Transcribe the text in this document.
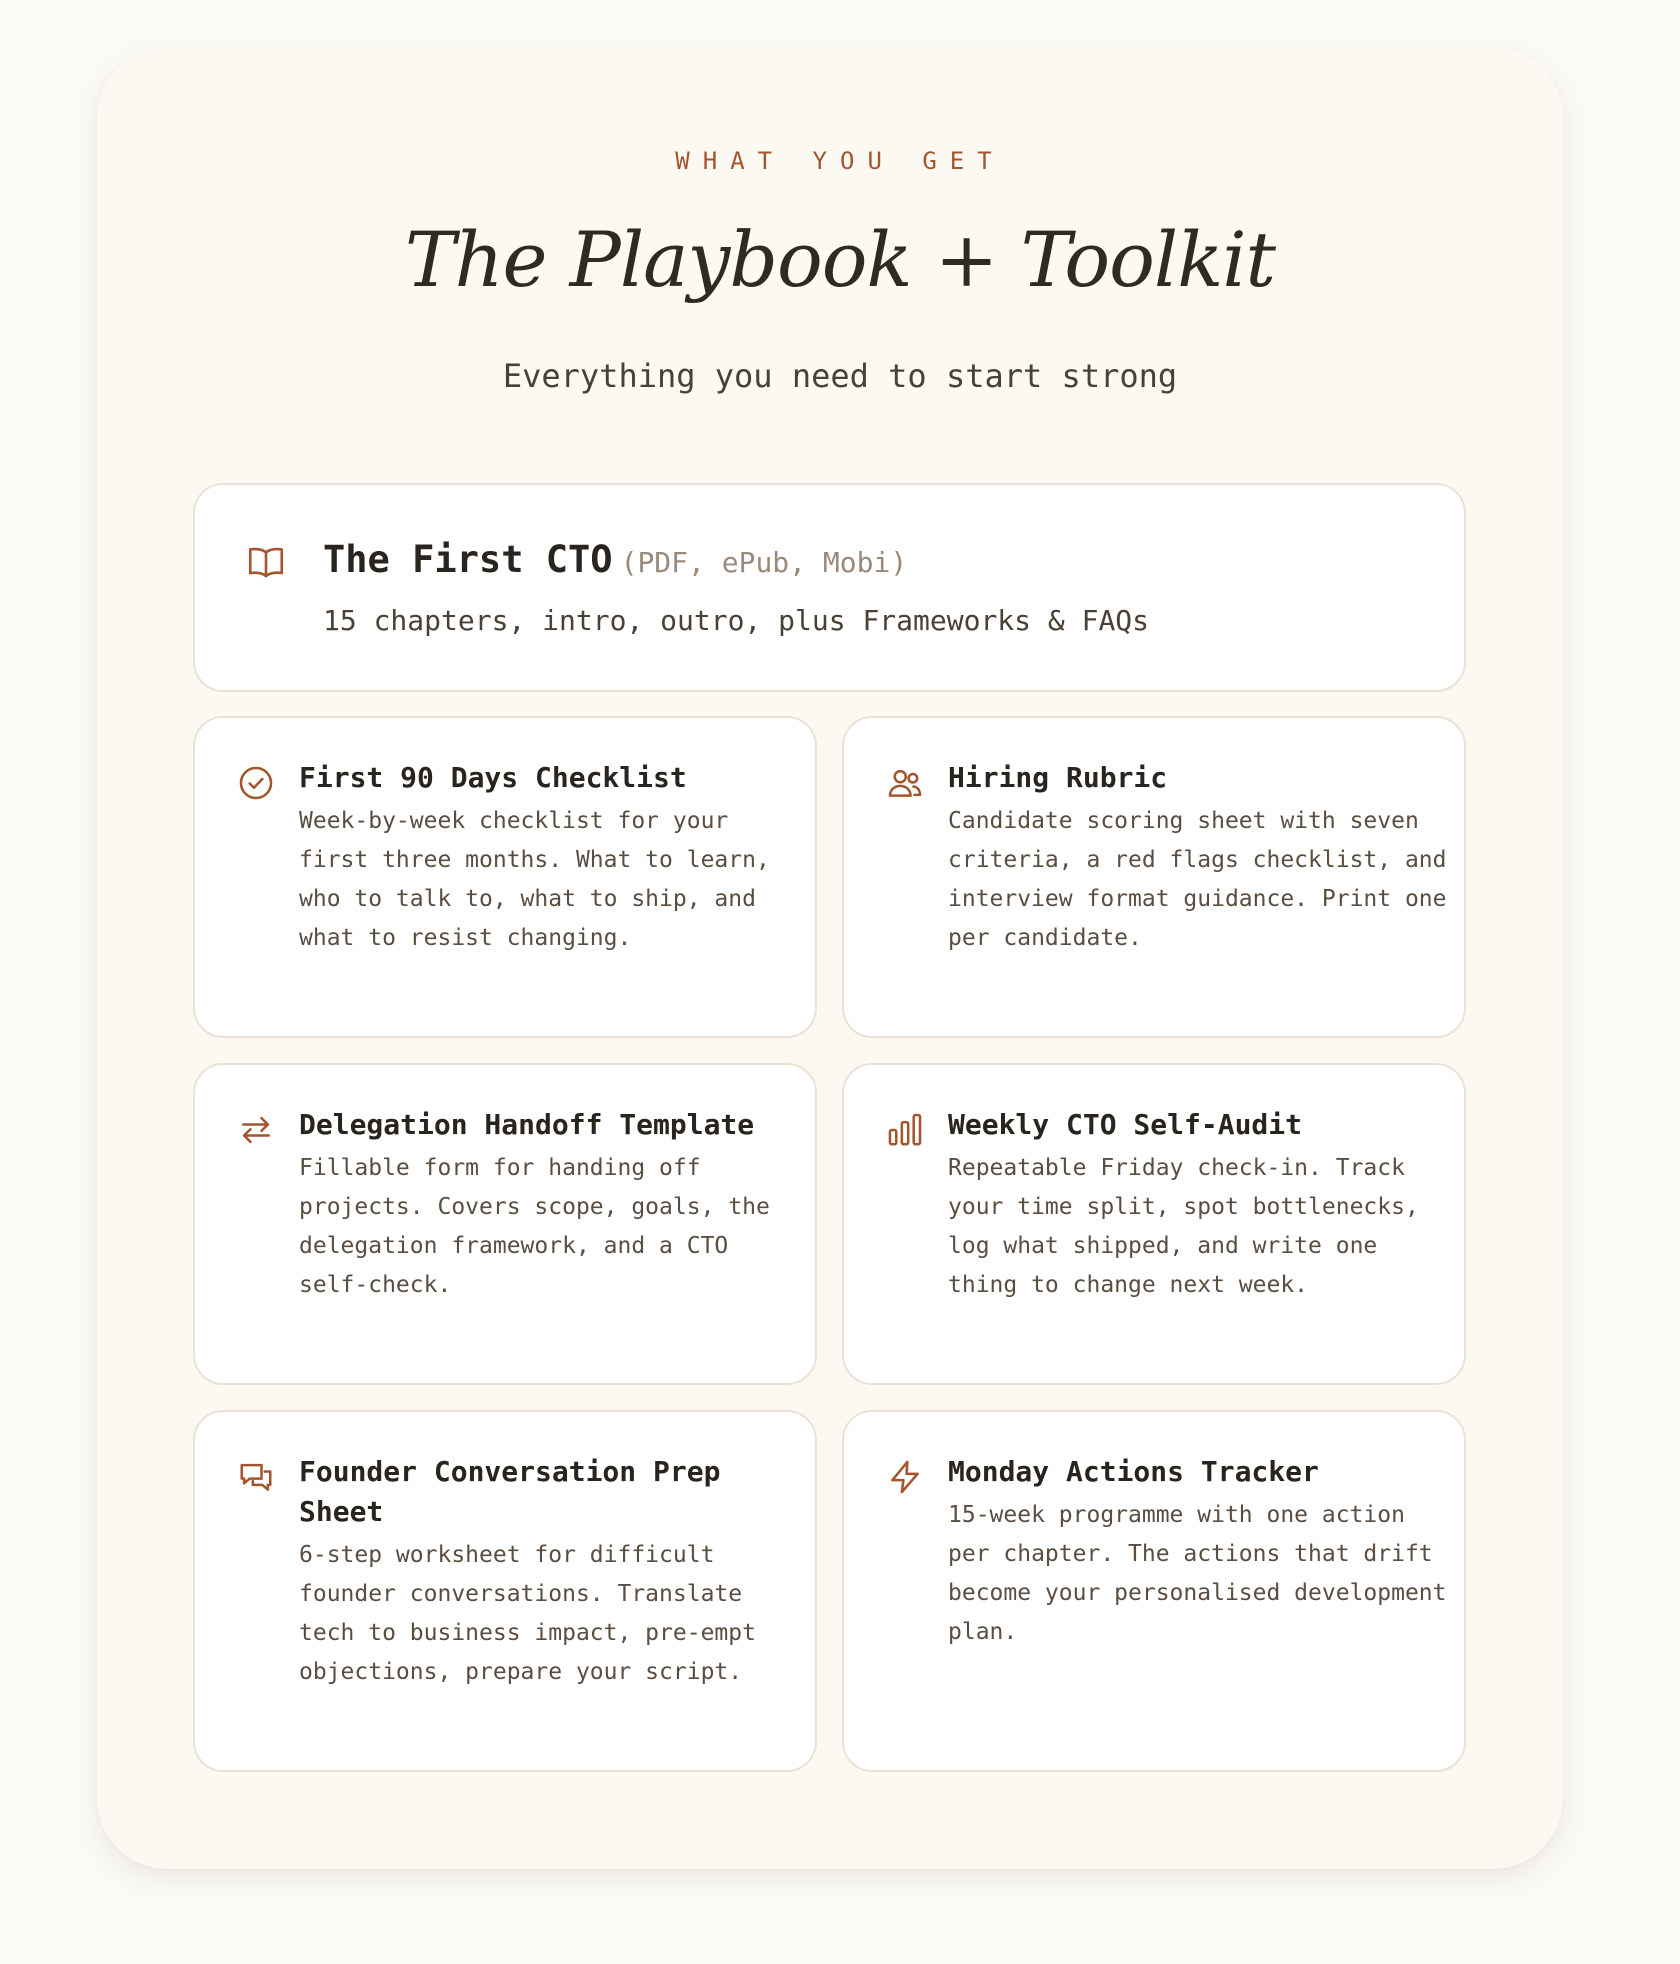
WHAT YOU GET
The Playbook + Toolkit
Everything you need to start strong
The First CTO (PDF, ePub, Mobi)
15 chapters, intro, outro, plus Frameworks & FAQs
First 90 Days Checklist
Week-by-week checklist for your first three months. What to learn, who to talk to, what to ship, and what to resist changing.
Hiring Rubric
Candidate scoring sheet with seven criteria, a red flags checklist, and interview format guidance. Print one per candidate.
Delegation Handoff Template
Fillable form for handing off projects. Covers scope, goals, the delegation framework, and a CTO self-check.
Weekly CTO Self-Audit
Repeatable Friday check-in. Track your time split, spot bottlenecks, log what shipped, and write one thing to change next week.
Founder Conversation Prep Sheet
6-step worksheet for difficult founder conversations. Translate tech to business impact, pre-empt objections, prepare your script.
Monday Actions Tracker
15-week programme with one action per chapter. The actions that drift become your personalised development plan.
